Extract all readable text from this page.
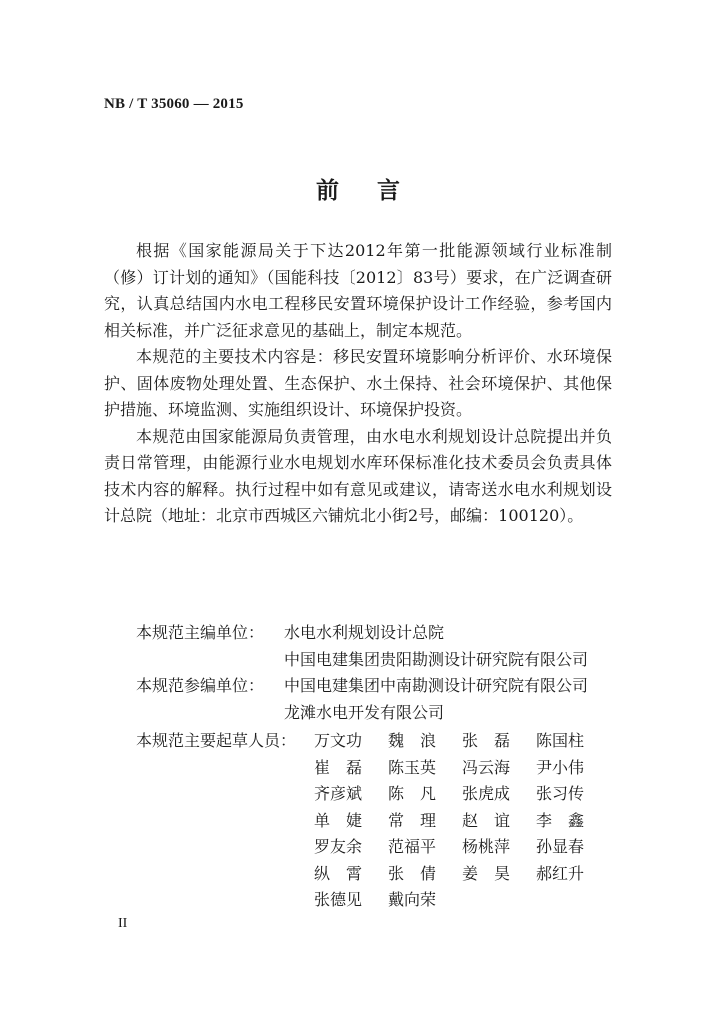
NB / T 35060 — 2015
前言

根据《国家能源局关于下达2012年第一批能源领域行业标准制（修）订计划的通知》（国能科技〔2012〕83号）要求，在广泛调查研究，认真总结国内水电工程移民安置环境保护设计工作经验，参考国内相关标准，并广泛征求意见的基础上，制定本规范。

本规范的主要技术内容是：移民安置环境影响分析评价、水环境保护、固体废物处理处置、生态保护、水土保持、社会环境保护、其他保护措施、环境监测、实施组织设计、环境保护投资。

本规范由国家能源局负责管理，由水电水利规划设计总院提出并负责日常管理，由能源行业水电规划水库环保标准化技术委员会负责具体技术内容的解释。执行过程中如有意见或建议，请寄送水电水利规划设计总院（地址：北京市西城区六铺炕北小街2号，邮编：100120）。

本规范主编单位：	水电水利规划设计总院
中国电建集团贵阳勘测设计研究院有限公司
本规范参编单位：	中国电建集团中南勘测设计研究院有限公司
龙滩水电开发有限公司
本规范主要起草人员： 万文功	魏　浪	张　磊	陈国柱
崔　磊	陈玉英	冯云海	尹小伟
齐彦斌	陈　凡	张虎成	张习传
单　婕	常　理	赵　谊	李　鑫
罗友余	范福平	杨桃萍	孙显春
纵　霄	张　倩	姜　昊	郝红升
张德见	戴向荣
II
